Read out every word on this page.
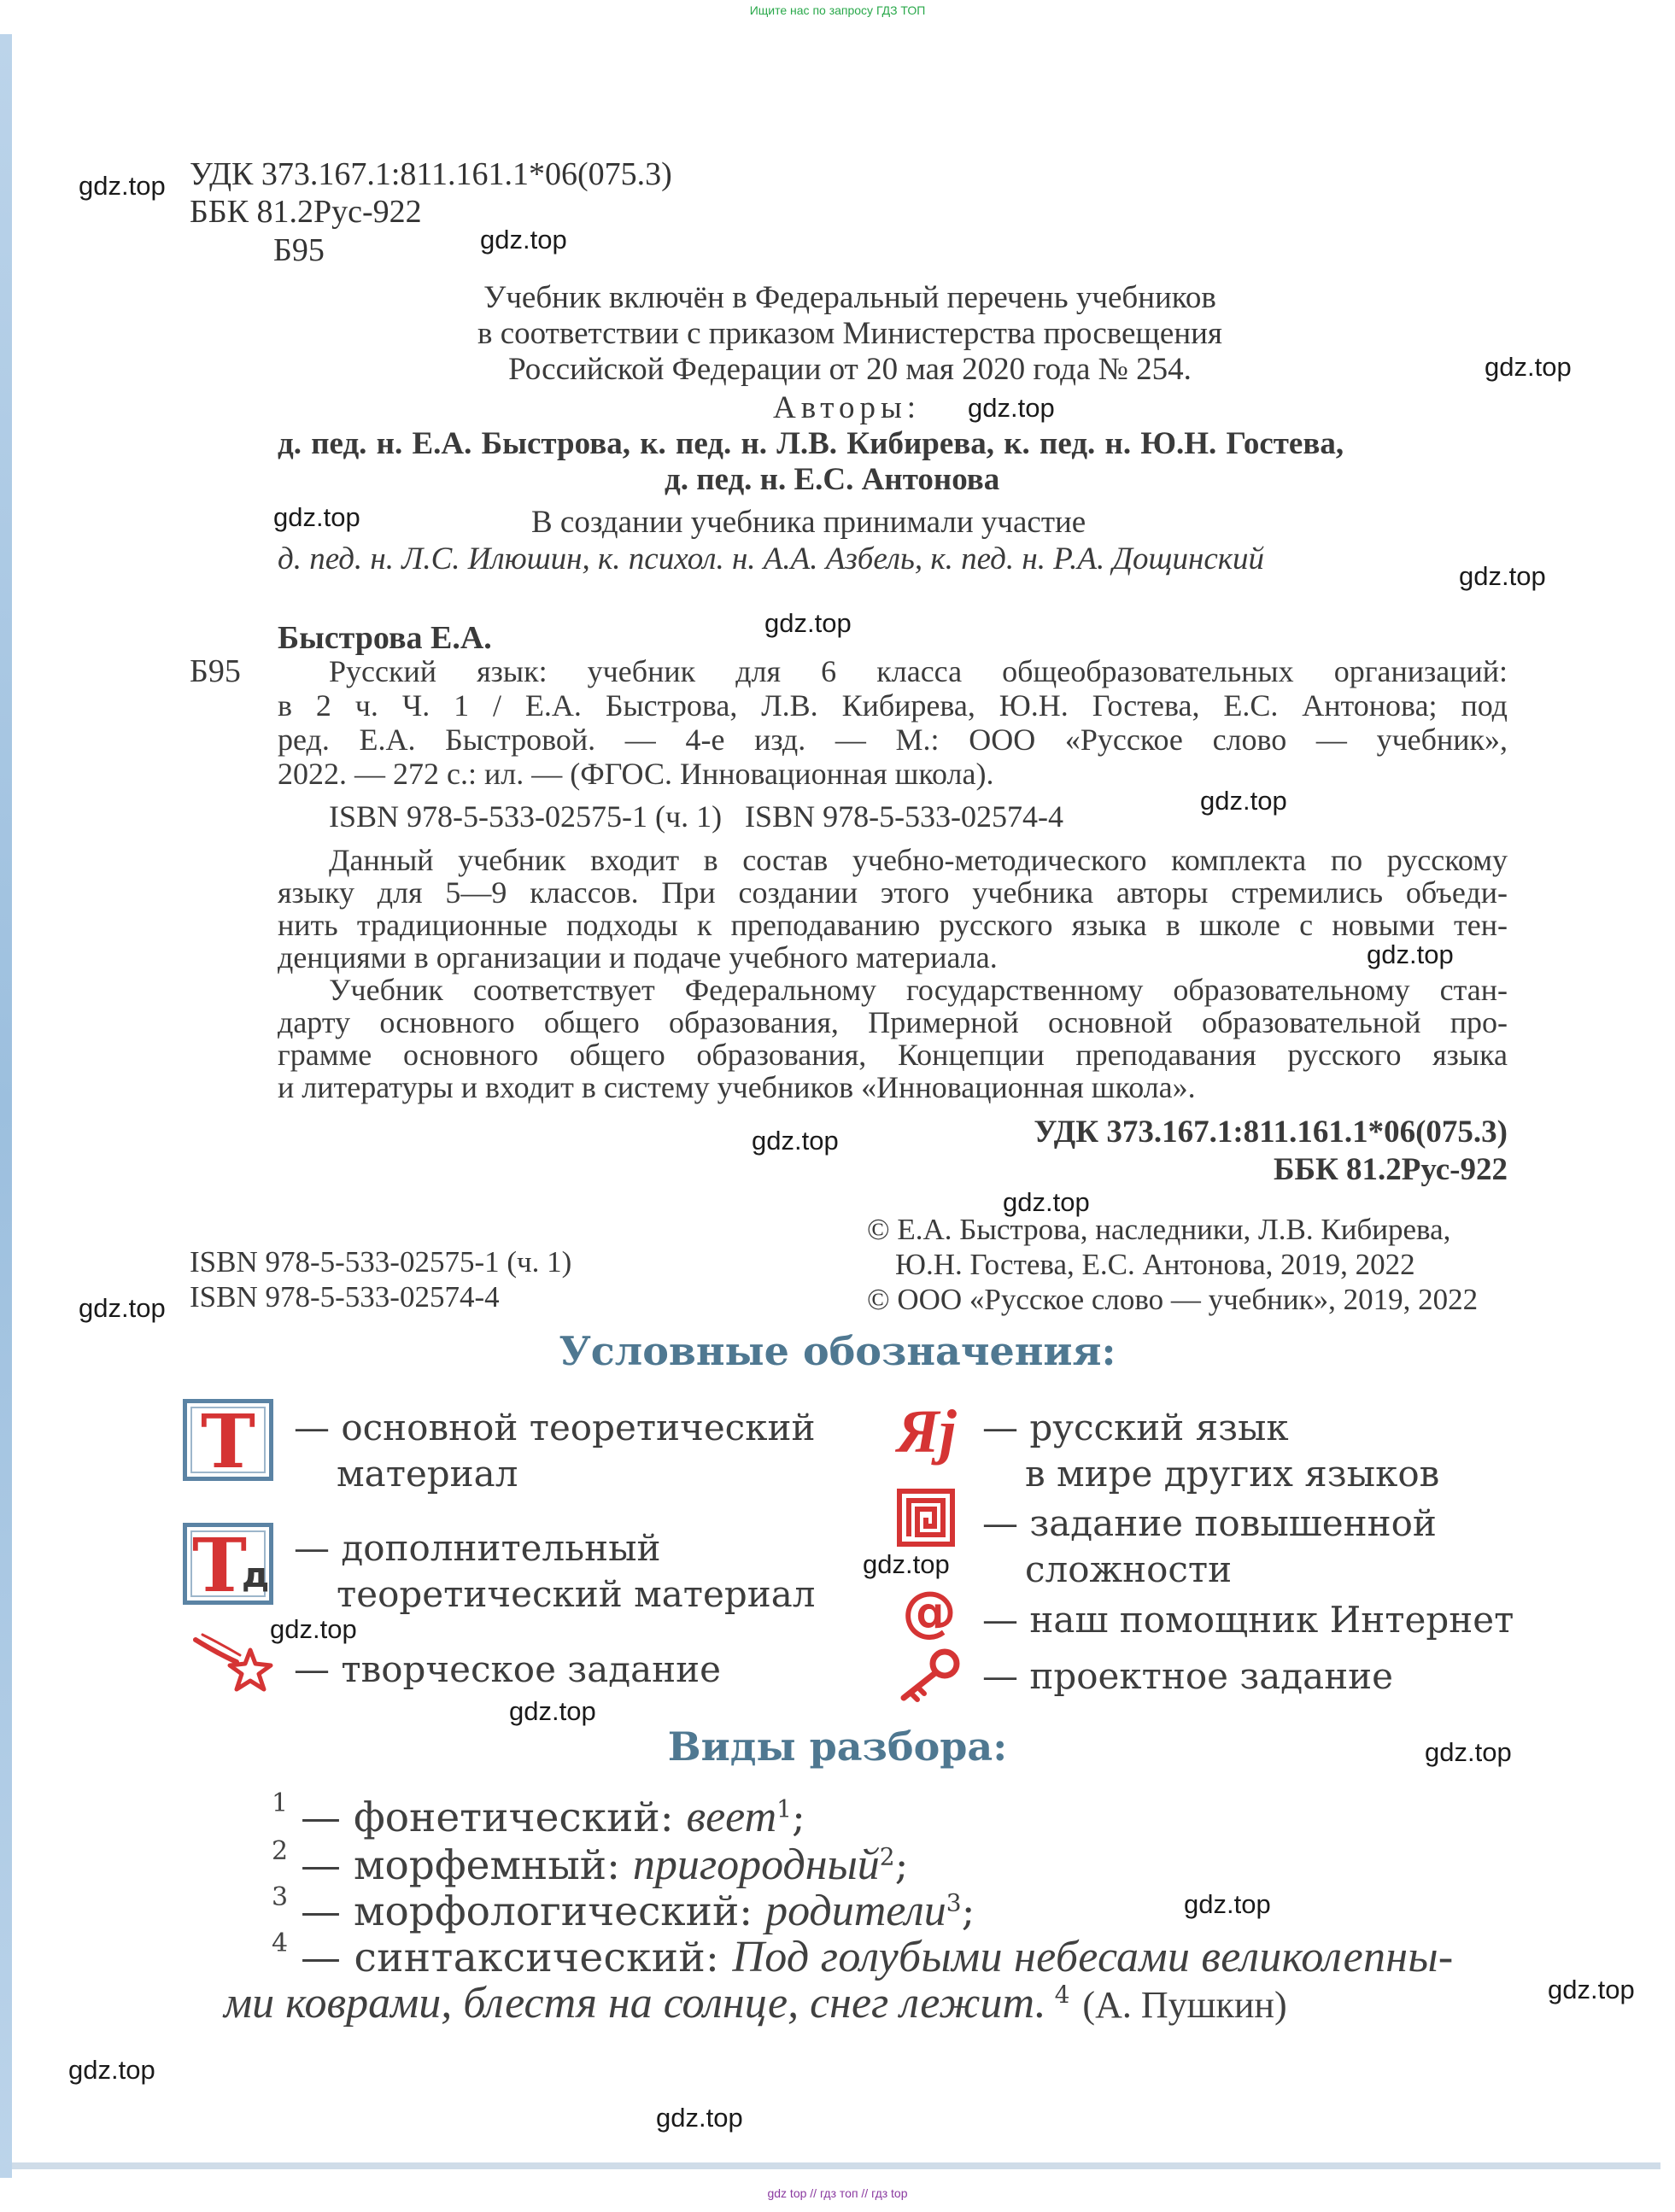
Ищите нас по запросу ГДЗ ТОП
gdz top // гдз топ // гдз top
УДК 373.167.1:811.161.1*06(075.3)
ББК 81.2Рус-922
Б95
Учебник включён в Федеральный перечень учебников
в соответствии с приказом Министерства просвещения
Российской Федерации от 20 мая 2020 года № 254.
Авторы:
д. пед. н. Е.А. Быстрова, к. пед. н. Л.В. Кибирева, к. пед. н. Ю.Н. Гостева,
д. пед. н. Е.С. Антонова
В создании учебника принимали участие
д. пед. н. Л.С. Илюшин, к. психол. н. А.А. Азбель, к. пед. н. Р.А. Дощинский
Быстрова Е.А.
Б95	Русский язык: учебник для 6 класса общеобразовательных организаций:
в 2 ч. Ч. 1 / Е.А. Быстрова, Л.В. Кибирева, Ю.Н. Гостева, Е.С. Антонова; под
ред. Е.А. Быстровой. — 4-е изд. — М.: ООО «Русское слово — учебник»,
2022. — 272 с.: ил. — (ФГОС. Инновационная школа).
ISBN 978-5-533-02575-1 (ч. 1)   ISBN 978-5-533-02574-4
Данный учебник входит в состав учебно-методического комплекта по русскому
языку для 5—9 классов. При создании этого учебника авторы стремились объеди-
нить традиционные подходы к преподаванию русского языка в школе с новыми тен-
денциями в организации и подаче учебного материала.
Учебник соответствует Федеральному государственному образовательному стан-
дарту основного общего образования, Примерной основной образовательной про-
грамме основного общего образования, Концепции преподавания русского языка
и литературы и входит в систему учебников «Инновационная школа».
УДК 373.167.1:811.161.1*06(075.3)
ББК 81.2Рус-922
© Е.А. Быстрова, наследники, Л.В. Кибирева,
Ю.Н. Гостева, Е.С. Антонова, 2019, 2022
© ООО «Русское слово — учебник», 2019, 2022
ISBN 978-5-533-02575-1 (ч. 1)
ISBN 978-5-533-02574-4
Условные обозначения:
Т	— основной теоретический
материал
Т
д
— дополнительный
теоретический материал
— творческое задание
Яj — русский язык
в мире других языков
— задание повышенной
сложности
@ — наш помощник Интернет
— проектное задание
Виды разбора:
1 — фонетический: веет$^1$;
2 — морфемный: пригородный$^2$;
3 — морфологический: родители$^3$;
4 — синтаксический: Под голубыми небесами великолепны-
ми коврами, блестя на солнце, снег лежит. $^4$ (А. Пушкин)
gdz.top
gdz.top
gdz.top
gdz.top
gdz.top
gdz.top
gdz.top
gdz.top
gdz.top
gdz.top
gdz.top
gdz.top
gdz.top
gdz.top
gdz.top
gdz.top
gdz.top
gdz.top
gdz.top
gdz.top
